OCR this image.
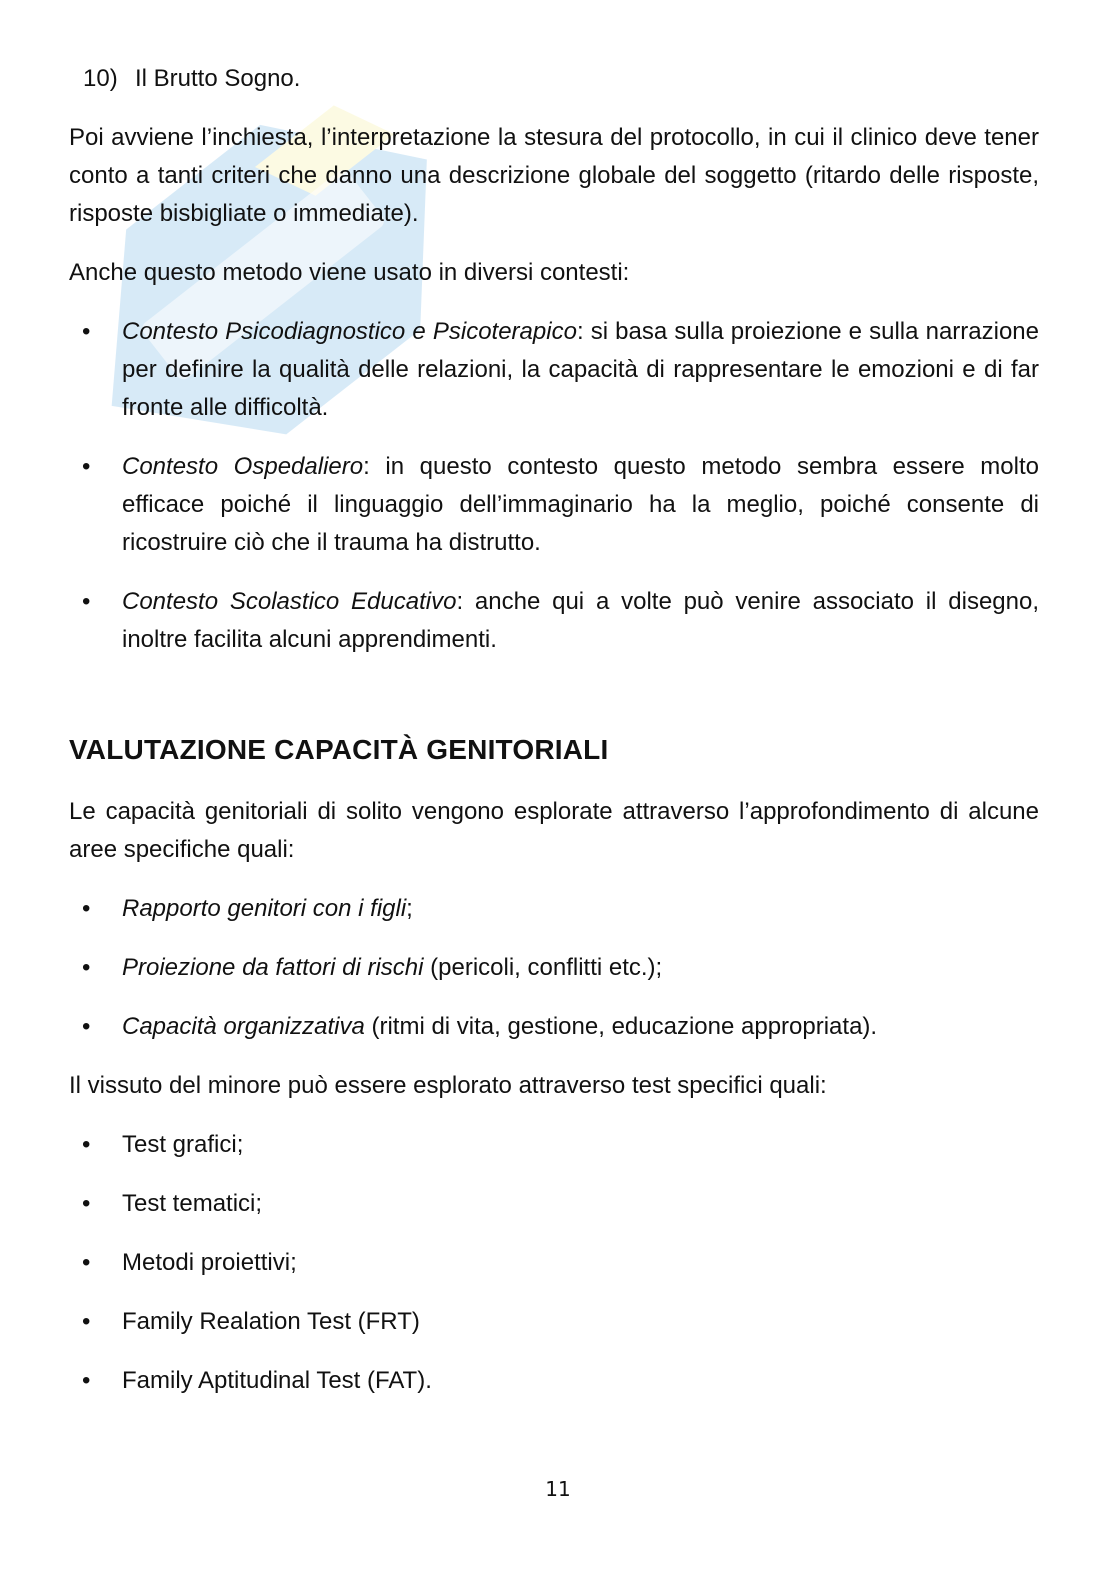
10) Il Brutto Sogno.

Poi avviene l’inchiesta, l’interpretazione la stesura del protocollo, in cui il clinico deve tener conto a tanti criteri che danno una descrizione globale del soggetto (ritardo delle risposte, risposte bisbigliate o immediate).

Anche questo metodo viene usato in diversi contesti:

• Contesto Psicodiagnostico e Psicoterapico: si basa sulla proiezione e sulla narrazione per definire la qualità delle relazioni, la capacità di rappresentare le emozioni e di far fronte alle difficoltà.
• Contesto Ospedaliero: in questo contesto questo metodo sembra essere molto efficace poiché il linguaggio dell’immaginario ha la meglio, poiché consente di ricostruire ciò che il trauma ha distrutto.
• Contesto Scolastico Educativo: anche qui a volte può venire associato il disegno, inoltre facilita alcuni apprendimenti.
VALUTAZIONE CAPACITÀ GENITORIALI

Le capacità genitoriali di solito vengono esplorate attraverso l’approfondimento di alcune aree specifiche quali:

• Rapporto genitori con i figli;
• Proiezione da fattori di rischi (pericoli, conflitti etc.);
• Capacità organizzativa (ritmi di vita, gestione, educazione appropriata).

Il vissuto del minore può essere esplorato attraverso test specifici quali:

• Test grafici;
• Test tematici;
• Metodi proiettivi;
• Family Realation Test (FRT)
• Family Aptitudinal Test (FAT).
11
